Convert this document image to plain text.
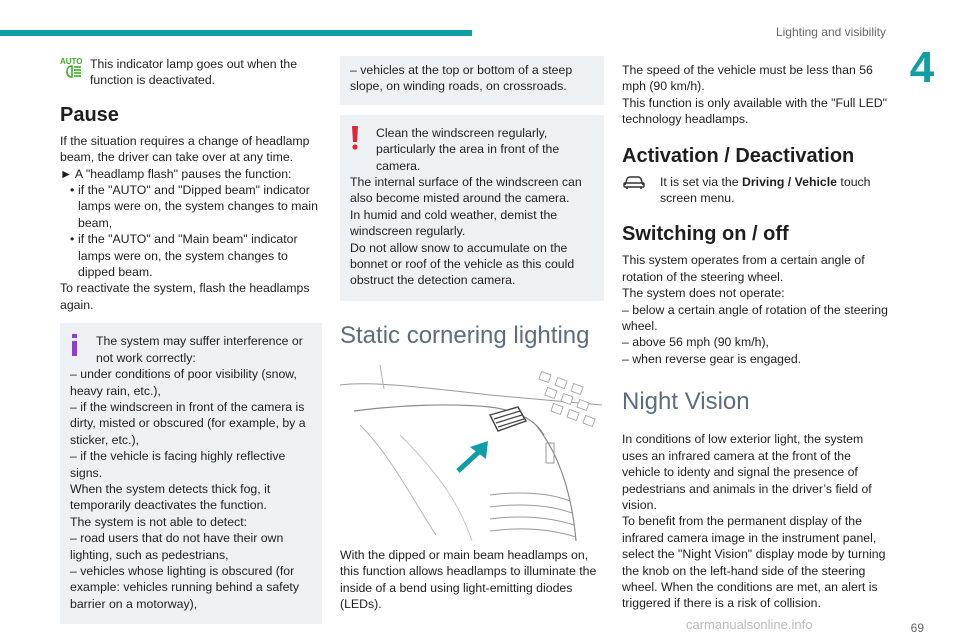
Lighting and visibility
4
AUTO This indicator lamp goes out when the function is deactivated.

Pause

If the situation requires a change of headlamp beam, the driver can take over at any time.

► A "headlamp flash" pauses the function:

• if the "AUTO" and "Dipped beam" indicator lamps were on, the system changes to main beam,

• if the "AUTO" and "Main beam" indicator lamps were on, the system changes to dipped beam.

To reactivate the system, flash the headlamps again.

The system may suffer interference or not work correctly:

– under conditions of poor visibility (snow, heavy rain, etc.),

– if the windscreen in front of the camera is dirty, misted or obscured (for example, by a sticker, etc.),

– if the vehicle is facing highly reflective signs.

When the system detects thick fog, it temporarily deactivates the function.

The system is not able to detect:

– road users that do not have their own lighting, such as pedestrians,

– vehicles whose lighting is obscured (for example: vehicles running behind a safety barrier on a motorway),

– vehicles at the top or bottom of a steep slope, on winding roads, on crossroads.

Clean the windscreen regularly, particularly the area in front of the camera.

The internal surface of the windscreen can also become misted around the camera.

In humid and cold weather, demist the windscreen regularly.

Do not allow snow to accumulate on the bonnet or roof of the vehicle as this could obstruct the detection camera.

Static cornering lighting

With the dipped or main beam headlamps on, this function allows headlamps to illuminate the inside of a bend using light-emitting diodes (LEDs).

The speed of the vehicle must be less than 56 mph (90 km/h).

This function is only available with the "Full LED" technology headlamps.

Activation / Deactivation

It is set via the Driving / Vehicle touch screen menu.

Switching on / off

This system operates from a certain angle of rotation of the steering wheel.

The system does not operate:

– below a certain angle of rotation of the steering wheel.

– above 56 mph (90 km/h),

– when reverse gear is engaged.

Night Vision

In conditions of low exterior light, the system uses an infrared camera at the front of the vehicle to identy and signal the presence of pedestrians and animals in the driver’s field of vision.

To benefit from the permanent display of the infrared camera image in the instrument panel, select the "Night Vision" display mode by turning the knob on the left-hand side of the steering wheel. When the conditions are met, an alert is triggered if there is a risk of collision.

carmanualsonline.info	69
